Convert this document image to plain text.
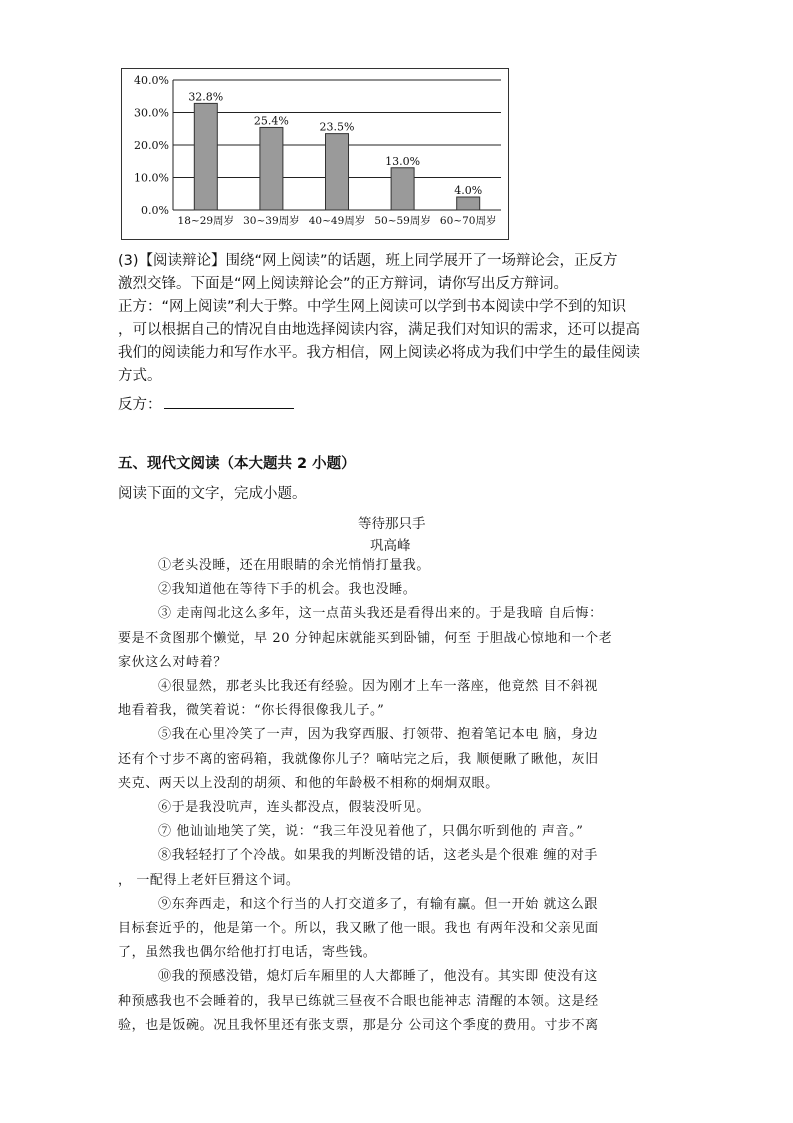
40.0%
30.0%
20.0%
10.0%
0.0%
18~29周岁 30~39周岁 40~49周岁 50~59周岁 60~70周岁
32.8%
25.4%	23.5%
13.0%
4.0%
(3)【阅读辩论】围绕“网上阅读”的话题，班上同学展开了一场辩论会，正反方
激烈交锋。下面是“网上阅读辩论会”的正方辩词，请你写出反方辩词。
正方：“网上阅读”利大于弊。中学生网上阅读可以学到书本阅读中学不到的知识
，可以根据自己的情况自由地选择阅读内容，满足我们对知识的需求，还可以提高
我们的阅读能力和写作水平。我方相信，网上阅读必将成为我们中学生的最佳阅读
方式。
反方：
五、现代文阅读（本大题共 2 小题）
阅读下面的文字，完成小题。
等待那只手
巩高峰
①老头没睡，还在用眼睛的余光悄悄打量我。
②我知道他在等待下手的机会。我也没睡。
③ 走南闯北这么多年，这一点苗头我还是看得出来的。于是我暗 自后悔：
要是不贪图那个懒觉，早 20 分钟起床就能买到卧铺，何至 于胆战心惊地和一个老
家伙这么对峙着？
④很显然，那老头比我还有经验。因为刚才上车一落座，他竟然 目不斜视
地看着我，微笑着说：“你长得很像我儿子。”
⑤我在心里冷笑了一声，因为我穿西服、打领带、抱着笔记本电 脑，身边
还有个寸步不离的密码箱，我就像你儿子？嘀咕完之后，我 顺便瞅了瞅他，灰旧
夹克、两天以上没刮的胡须、和他的年龄极不相称的炯炯双眼。
⑥于是我没吭声，连头都没点，假装没听见。
⑦ 他讪讪地笑了笑，说：“我三年没见着他了，只偶尔听到他的 声音。”
⑧我轻轻打了个冷战。如果我的判断没错的话，这老头是个很难 缠的对手
， 一配得上老奸巨猾这个词。
⑨东奔西走，和这个行当的人打交道多了，有输有赢。但一开始 就这么跟
目标套近乎的，他是第一个。所以，我又瞅了他一眼。我也 有两年没和父亲见面
了，虽然我也偶尔给他打打电话，寄些钱。
⑩我的预感没错，熄灯后车厢里的人大都睡了，他没有。其实即 使没有这
种预感我也不会睡着的，我早已练就三昼夜不合眼也能神志 清醒的本领。这是经
验，也是饭碗。况且我怀里还有张支票，那是分 公司这个季度的费用。寸步不离
